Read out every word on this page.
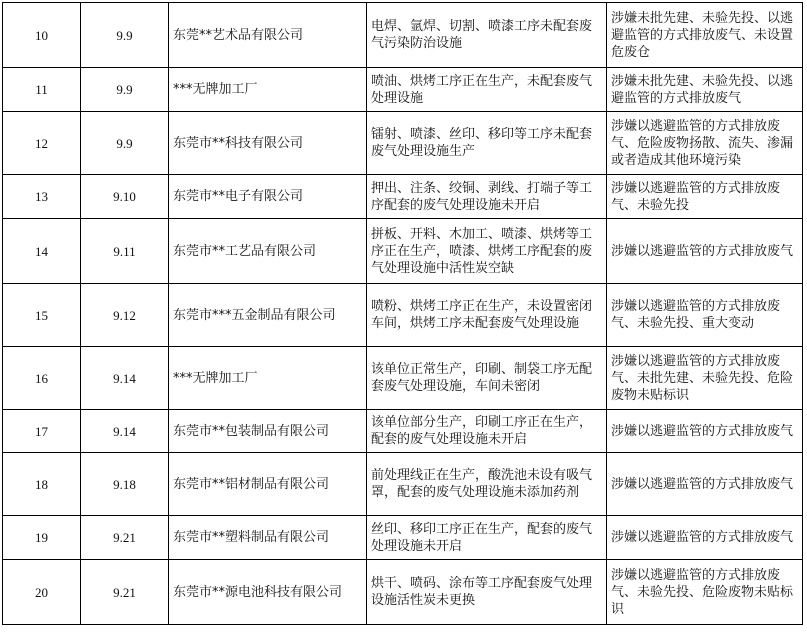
10	9.9	东莞**艺术品有限公司	电焊、氩焊、切割、喷漆工序未配套废气污染防治设施	涉嫌未批先建、未验先投、以逃避监管的方式排放废气、未设置危废仓
11	9.9	***无牌加工厂	喷油、烘烤工序正在生产，未配套废气处理设施	涉嫌未批先建、未验先投、以逃避监管的方式排放废气
12	9.9	东莞市**科技有限公司	镭射、喷漆、丝印、移印等工序未配套废气处理设施生产	涉嫌以逃避监管的方式排放废气、危险废物扬散、流失、渗漏或者造成其他环境污染
13	9.10	东莞市**电子有限公司	押出、注条、绞铜、剥线、打端子等工序配套的废气处理设施未开启	涉嫌以逃避监管的方式排放废气、未验先投
14	9.11	东莞市**工艺品有限公司	拼板、开料、木加工、喷漆、烘烤等工序正在生产，喷漆、烘烤工序配套的废气处理设施中活性炭空缺	涉嫌以逃避监管的方式排放废气
15	9.12	东莞市***五金制品有限公司	喷粉、烘烤工序正在生产，未设置密闭车间，烘烤工序未配套废气处理设施	涉嫌以逃避监管的方式排放废气、未验先投、重大变动
16	9.14	***无牌加工厂	该单位正常生产，印刷、制袋工序无配套废气处理设施，车间未密闭	涉嫌以逃避监管的方式排放废气、未批先建、未验先投、危险废物未贴标识
17	9.14	东莞市**包装制品有限公司	该单位部分生产，印刷工序正在生产，配套的废气处理设施未开启	涉嫌以逃避监管的方式排放废气
18	9.18	东莞市**铝材制品有限公司	前处理线正在生产，酸洗池未设有吸气罩，配套的废气处理设施未添加药剂	涉嫌以逃避监管的方式排放废气
19	9.21	东莞市**塑料制品有限公司	丝印、移印工序正在生产，配套的废气处理设施未开启	涉嫌以逃避监管的方式排放废气
20	9.21	东莞市**源电池科技有限公司	烘干、喷码、涂布等工序配套废气处理设施活性炭未更换	涉嫌以逃避监管的方式排放废气、未验先投、危险废物未贴标识
